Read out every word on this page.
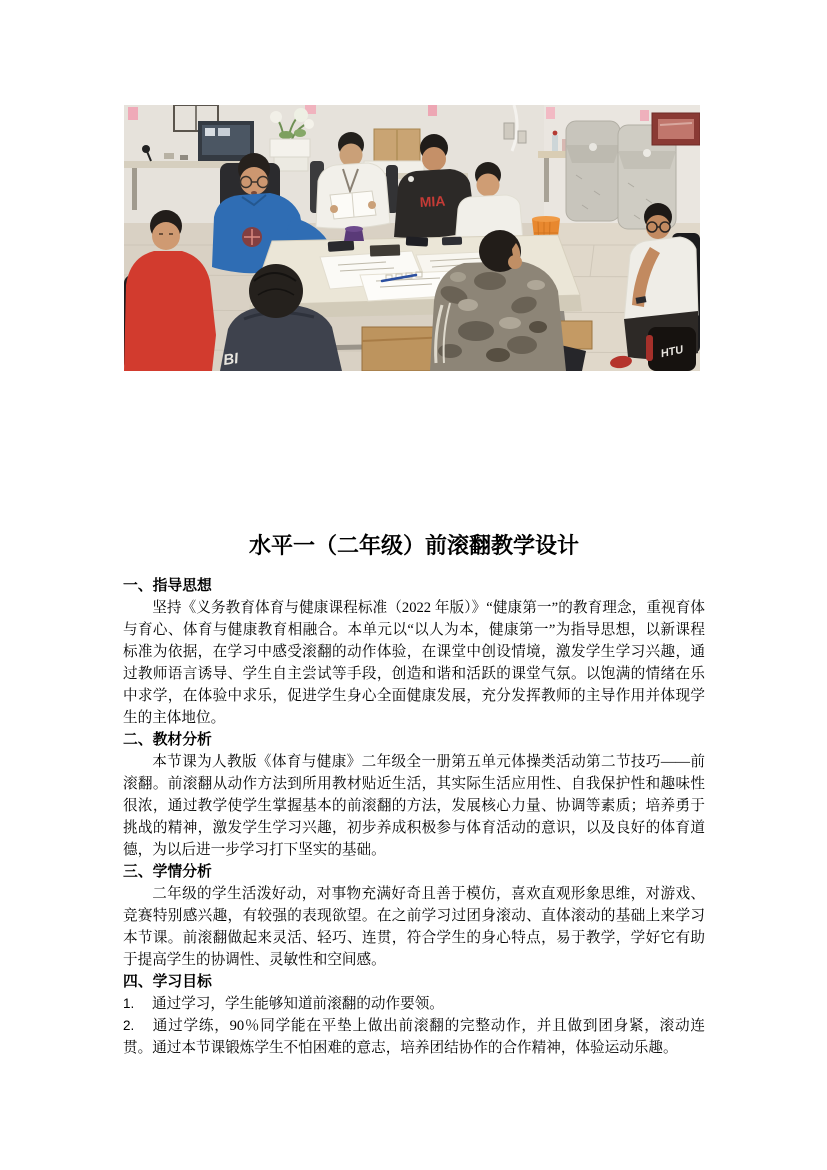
MIA
BI	HTU
水平一（二年级）前滚翻教学设计
一、指导思想

坚持《义务教育体育与健康课程标准（2022 年版）》“健康第一”的教育理念，重视育体与育心、体育与健康教育相融合。本单元以“以人为本，健康第一”为指导思想，以新课程标准为依据，在学习中感受滚翻的动作体验，在课堂中创设情境，激发学生学习兴趣，通过教师语言诱导、学生自主尝试等手段，创造和谐和活跃的课堂气氛。以饱满的情绪在乐中求学，在体验中求乐，促进学生身心全面健康发展，充分发挥教师的主导作用并体现学生的主体地位。

二、教材分析

本节课为人教版《体育与健康》二年级全一册第五单元体操类活动第二节技巧——前滚翻。前滚翻从动作方法到所用教材贴近生活，其实际生活应用性、自我保护性和趣味性很浓，通过教学使学生掌握基本的前滚翻的方法，发展核心力量、协调等素质；培养勇于挑战的精神，激发学生学习兴趣，初步养成积极参与体育活动的意识，以及良好的体育道德，为以后进一步学习打下坚实的基础。

三、学情分析

二年级的学生活泼好动，对事物充满好奇且善于模仿，喜欢直观形象思维，对游戏、竞赛特别感兴趣，有较强的表现欲望。在之前学习过团身滚动、直体滚动的基础上来学习本节课。前滚翻做起来灵活、轻巧、连贯，符合学生的身心特点，易于教学，学好它有助于提高学生的协调性、灵敏性和空间感。

四、学习目标

1. 通过学习，学生能够知道前滚翻的动作要领。

2. 通过学练，90％同学能在平垫上做出前滚翻的完整动作，并且做到团身紧，滚动连贯。通过本节课锻炼学生不怕困难的意志，培养团结协作的合作精神，体验运动乐趣。
